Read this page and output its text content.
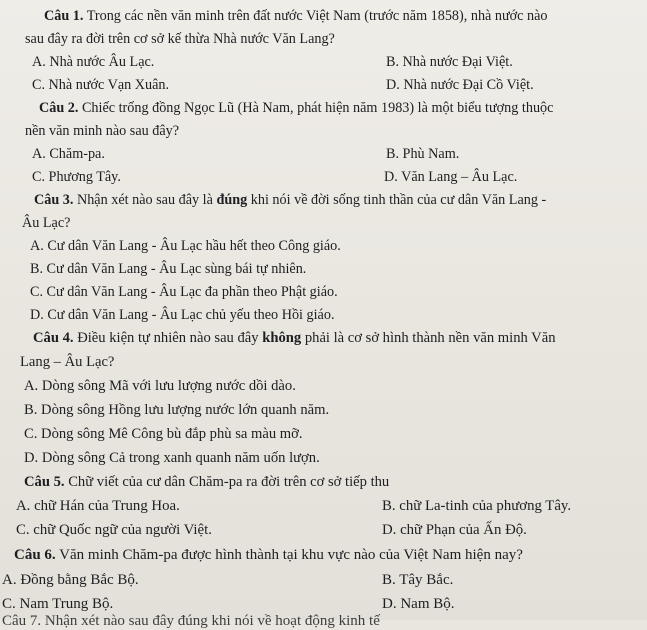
Câu 1. Trong các nền văn minh trên đất nước Việt Nam (trước năm 1858), nhà nước nào
sau đây ra đời trên cơ sở kế thừa Nhà nước Văn Lang?
A. Nhà nước Âu Lạc.	B. Nhà nước Đại Việt.
C. Nhà nước Vạn Xuân.	D. Nhà nước Đại Cồ Việt.
Câu 2. Chiếc trống đồng Ngọc Lũ (Hà Nam, phát hiện năm 1983) là một biểu tượng thuộc
nền văn minh nào sau đây?
A. Chăm-pa.	B. Phù Nam.
C. Phương Tây.	D. Văn Lang – Âu Lạc.
Câu 3. Nhận xét nào sau đây là đúng khi nói về đời sống tinh thần của cư dân Văn Lang -
Âu Lạc?
A. Cư dân Văn Lang - Âu Lạc hầu hết theo Công giáo.
B. Cư dân Văn Lang - Âu Lạc sùng bái tự nhiên.
C. Cư dân Văn Lang - Âu Lạc đa phần theo Phật giáo.
D. Cư dân Văn Lang - Âu Lạc chủ yếu theo Hồi giáo.
Câu 4. Điều kiện tự nhiên nào sau đây không phải là cơ sở hình thành nền văn minh Văn
Lang – Âu Lạc?
A. Dòng sông Mã với lưu lượng nước dồi dào.
B. Dòng sông Hồng lưu lượng nước lớn quanh năm.
C. Dòng sông Mê Công bù đắp phù sa màu mỡ.
D. Dòng sông Cả trong xanh quanh năm uốn lượn.
Câu 5. Chữ viết của cư dân Chăm-pa ra đời trên cơ sở tiếp thu
A. chữ Hán của Trung Hoa.	B. chữ La-tinh của phương Tây.
C. chữ Quốc ngữ của người Việt.	D. chữ Phạn của Ấn Độ.
Câu 6. Văn minh Chăm-pa được hình thành tại khu vực nào của Việt Nam hiện nay?
A. Đồng bằng Bắc Bộ.	B. Tây Bắc.
C. Nam Trung Bộ.	D. Nam Bộ.
Câu 7. Nhận xét nào sau đây đúng khi nói về hoạt động kinh tế
